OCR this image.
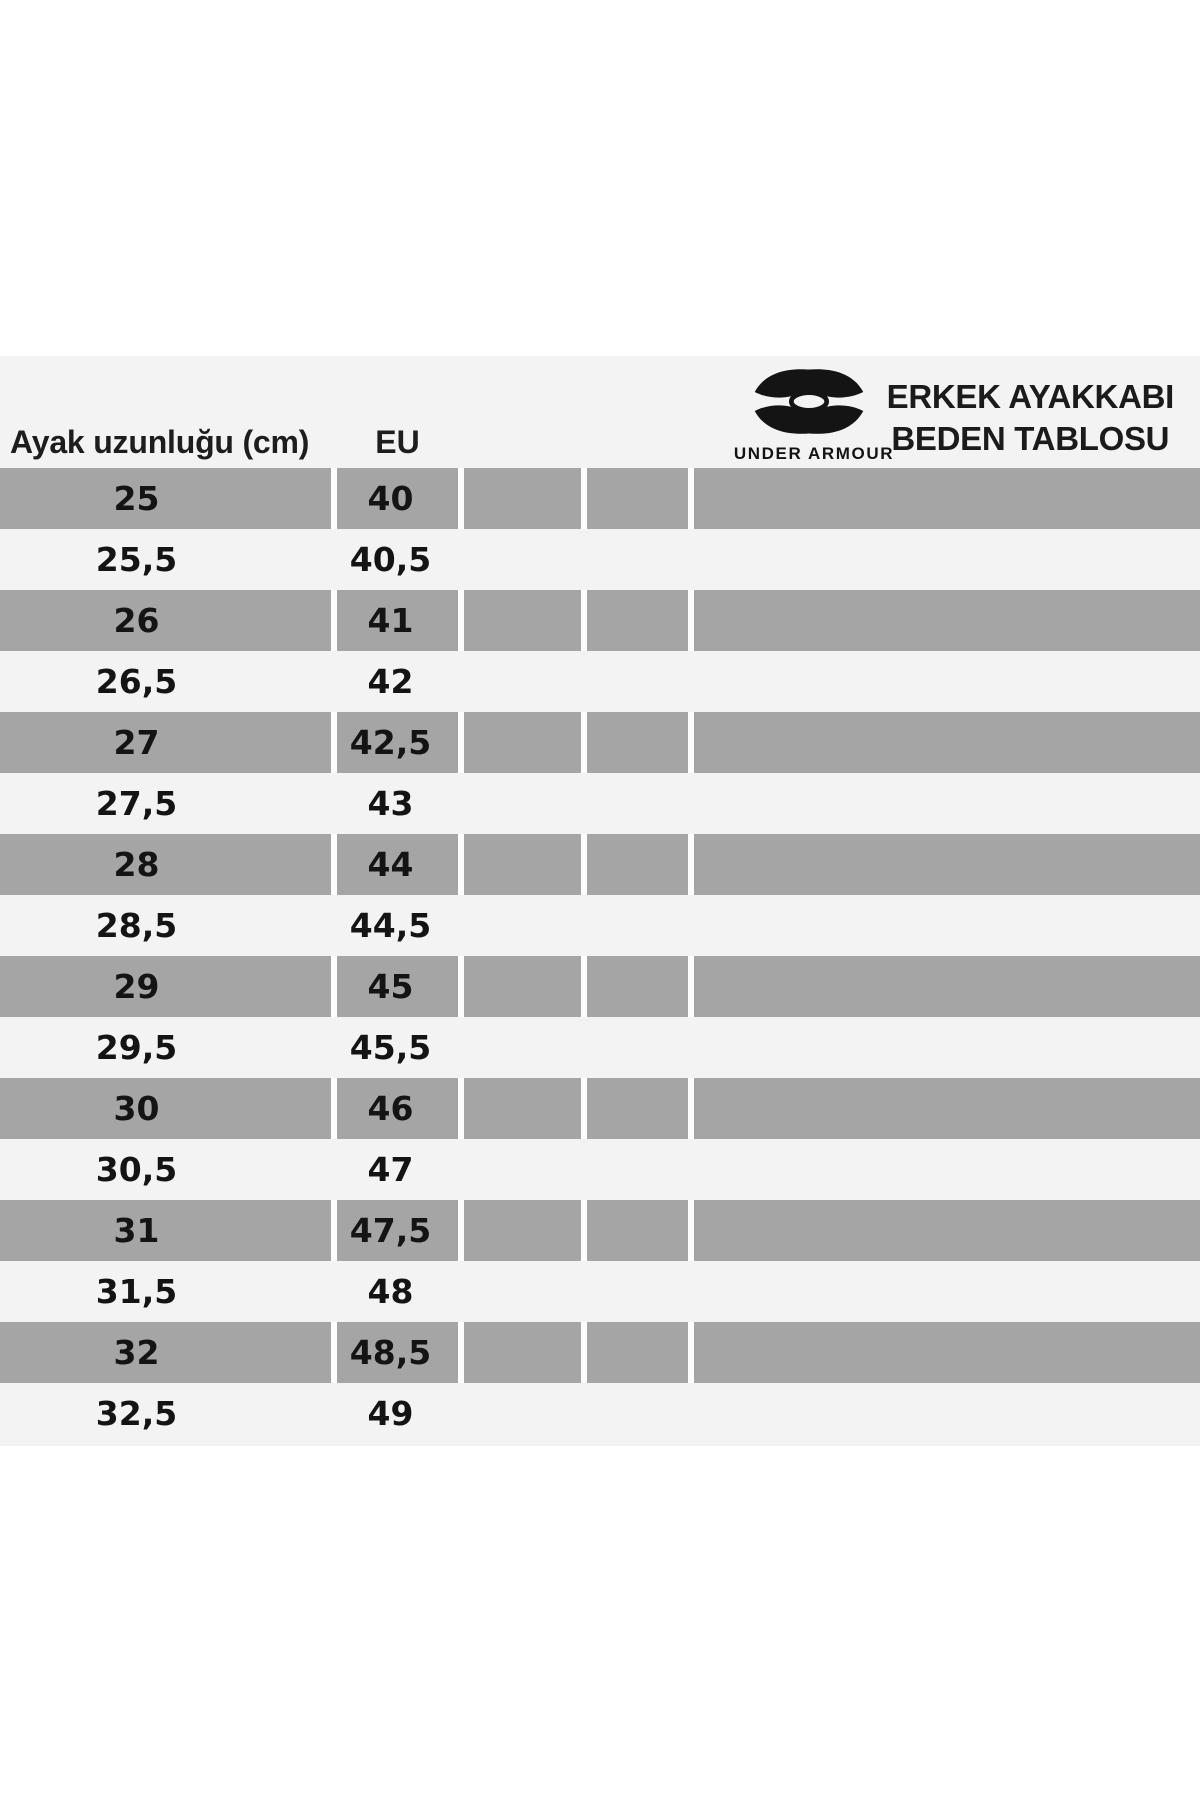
Ayak uzunluğu (cm)	EU	UNDER ARMOUR
ERKEK AYAKKABI
BEDEN TABLOSU
25	40
25,5	40,5
26	41
26,5	42
27	42,5
27,5	43
28	44
28,5	44,5
29	45
29,5	45,5
30	46
30,5	47
31	47,5
31,5	48
32	48,5
32,5	49
